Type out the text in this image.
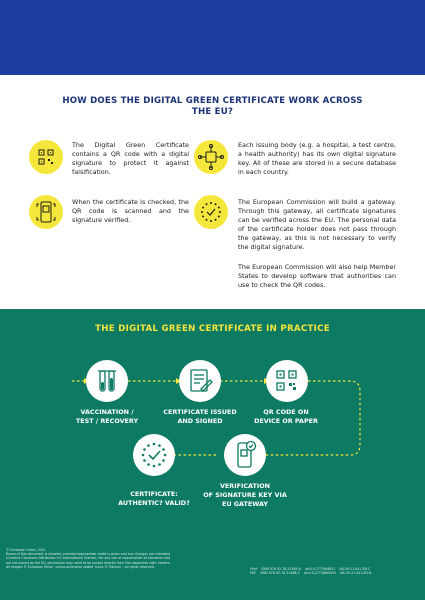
HOW DOES THE DIGITAL GREEN CERTIFICATE WORK ACROSS THE EU?
The Digital Green Certificate contains a QR code with a digital signature to protect it against falsification.
Each issuing body (e.g. a hospital, a test centre, a health authority) has its own digital signature key. All of these are stored in a secure database in each country.
When the certificate is checked, the QR code is scanned and the signature verified.
The European Commission will build a gateway. Through this gateway, all certificate signatures can be verified across the EU. The personal data of the certificate holder does not pass through the gateway, as this is not necessary to verify the digital signature.
The European Commission will also help Member States to develop software that authorities can use to check the QR codes.
THE DIGITAL GREEN CERTIFICATE IN PRACTICE
VACCINATION /
TEST / RECOVERY
CERTIFICATE ISSUED
AND SIGNED
QR CODE ON
DEVICE OR PAPER
VERIFICATION
OF SIGNATURE KEY VIA
EU GATEWAY
CERTIFICATE:
AUTHENTIC? VALID?
© European Union, 2021
Reuse of this document is allowed, provided appropriate credit is given and any changes are indicated
(Creative Commons Attribution 4.0 International license). For any use or reproduction of elements that
are not owned by the EU, permission may need to be sought directly from the respective right holders.
All images © European Union, unless otherwise stated. Icons © Flaticon – all rights reserved.
Print ISBN 978-92-76-31464-6 doi:10.2775/84631 NA-09-21-041-EN-C
PDF ISBN 978-92-76-31488-2 doi:10.2775/865005 NA-09-21-041-EN-N
